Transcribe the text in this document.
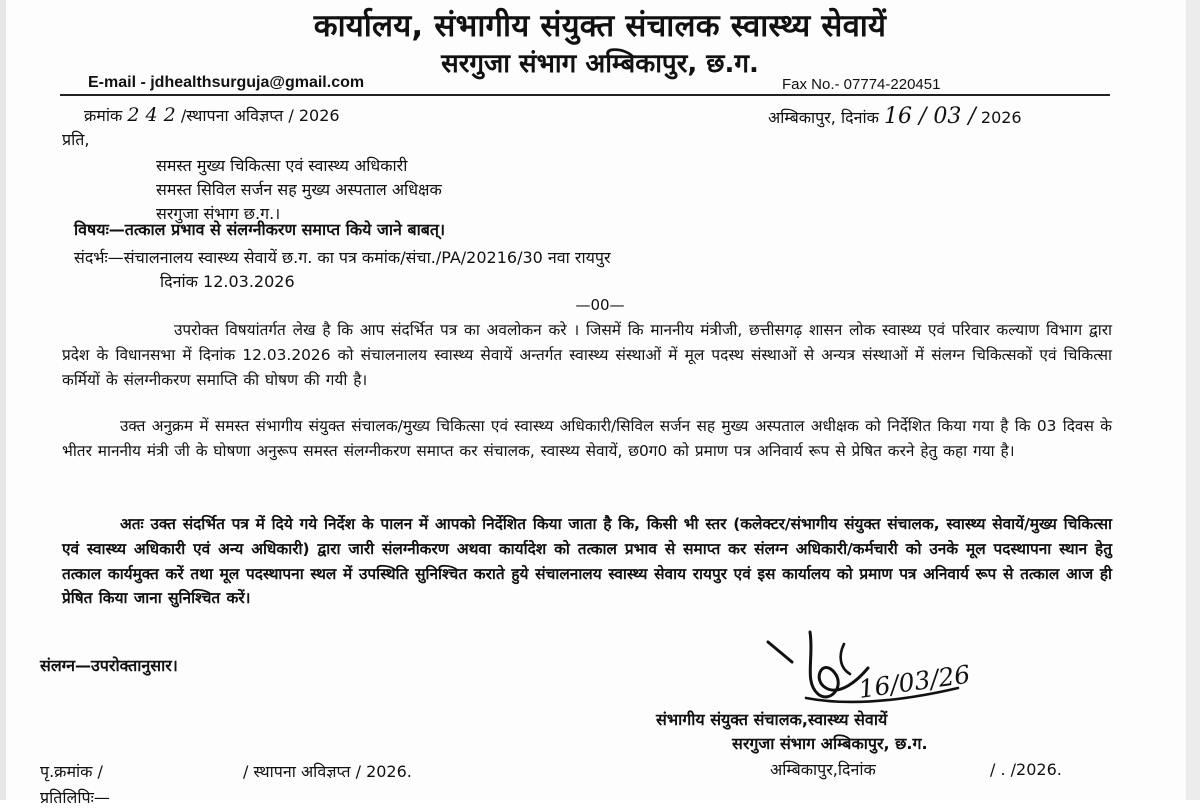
कार्यालय, संभागीय संयुक्त संचालक स्वास्थ्य सेवायें
सरगुजा संभाग अम्बिकापुर, छ.ग.
E-mail - jdhealthsurguja@gmail.com	Fax No.- 07774-220451
क्रमांक 2 4 2 /स्थापना अविज्ञप्त / 2026	अम्बिकापुर, दिनांक 16 / 03 / 2026
प्रति,
समस्त मुख्य चिकित्सा एवं स्वास्थ्य अधिकारी
समस्त सिविल सर्जन सह मुख्य अस्पताल अधिक्षक
सरगुजा संभाग छ.ग.।
विषयः—तत्काल प्रभाव से संलग्नीकरण समाप्त किये जाने बाबत्।
संदर्भः—संचालनालय स्वास्थ्य सेवायें छ.ग. का पत्र कमांक/संचा./PA/20216/30 नवा रायपुर
दिनांक 12.03.2026
—00—
उपरोक्त विषयांतर्गत लेख है कि आप संदर्भित पत्र का अवलोकन करे । जिसमें कि माननीय मंत्रीजी, छत्तीसगढ़ शासन लोक स्वास्थ्य एवं परिवार कल्याण विभाग द्वारा प्रदेश के विधानसभा में दिनांक 12.03.2026 को संचालनालय स्वास्थ्य सेवायें अन्तर्गत स्वास्थ्य संस्थाओं में मूल पदस्थ संस्थाओं से अन्यत्र संस्थाओं में संलग्न चिकित्सकों एवं चिकित्सा कर्मियों के संलग्नीकरण समाप्ति की घोषण की गयी है।
उक्त अनुक्रम में समस्त संभागीय संयुक्त संचालक/मुख्य चिकित्सा एवं स्वास्थ्य अधिकारी/सिविल सर्जन सह मुख्य अस्पताल अधीक्षक को निर्देशित किया गया है कि 03 दिवस के भीतर माननीय मंत्री जी के घोषणा अनुरूप समस्त संलग्नीकरण समाप्त कर संचालक, स्वास्थ्य सेवायें, छ0ग0 को प्रमाण पत्र अनिवार्य रूप से प्रेषित करने हेतु कहा गया है।
अतः उक्त संदर्भित पत्र में दिये गये निर्देश के पालन में आपको निर्देशित किया जाता है कि, किसी भी स्तर (कलेक्टर/संभागीय संयुक्त संचालक, स्वास्थ्य सेवायें/मुख्य चिकित्सा एवं स्वास्थ्य अधिकारी एवं अन्य अधिकारी) द्वारा जारी संलग्नीकरण अथवा कार्यादेश को तत्काल प्रभाव से समाप्त कर संलग्न अधिकारी/कर्मचारी को उनके मूल पदस्थापना स्थान हेतु तत्काल कार्यमुक्त करें तथा मूल पदस्थापना स्थल में उपस्थिति सुनिश्चित कराते हुये संचालनालय स्वास्थ्य सेवाय रायपुर एवं इस कार्यालय को प्रमाण पत्र अनिवार्य रूप से तत्काल आज ही प्रेषित किया जाना सुनिश्चित करें।
संलग्न—उपरोक्तानुसार।	16/03/26
संभागीय संयुक्त संचालक,स्वास्थ्य सेवायें
सरगुजा संभाग अम्बिकापुर, छ.ग.
पृ.क्रमांक /	/ स्थापना अविज्ञप्त / 2026.	अम्बिकापुर,दिनांक	/ . /2026.
प्रतिलिपिः—
